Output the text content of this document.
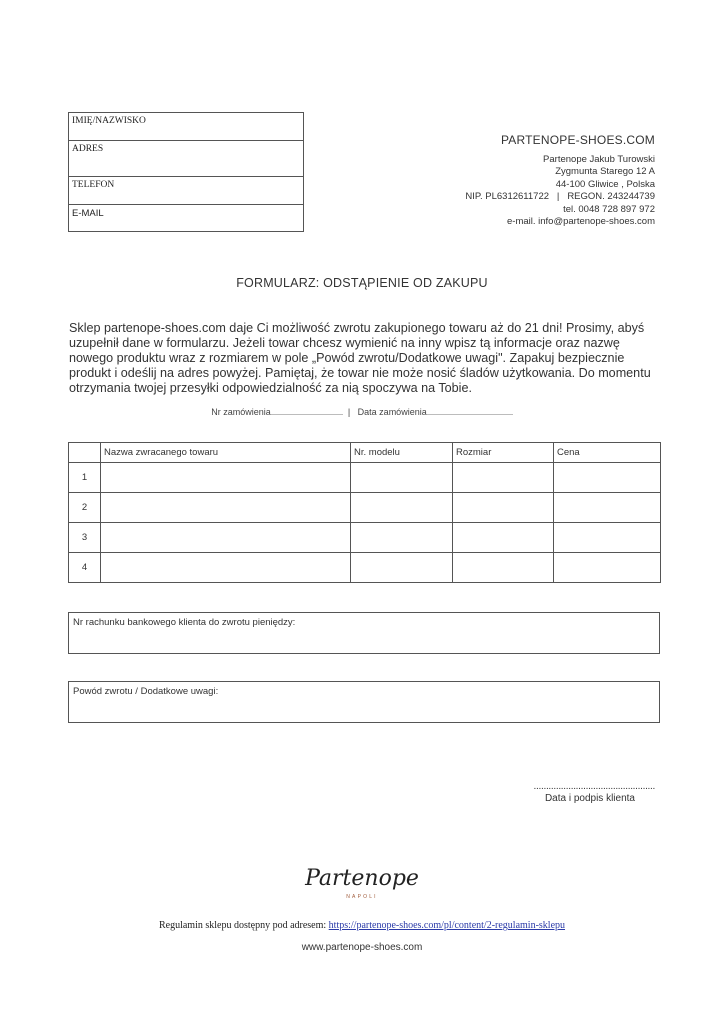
IMIĘ/NAZWISKO
ADRES
TELEFON
E-MAIL
PARTENOPE-SHOES.COM
Partenope Jakub Turowski
Zygmunta Starego 12 A
44-100 Gliwice , Polska
NIP. PL6312611722   |   REGON. 243244739
tel. 0048 728 897 972
e-mail. info@partenope-shoes.com
FORMULARZ: ODSTĄPIENIE OD ZAKUPU
Sklep partenope-shoes.com daje Ci możliwość zwrotu zakupionego towaru aż do 21 dni! Prosimy, abyś uzupełnił dane w formularzu. Jeżeli towar chcesz wymienić na inny wpisz tą informacje oraz nazwę nowego produktu wraz z rozmiarem w pole „Powód zwrotu/Dodatkowe uwagi". Zapakuj bezpiecznie produkt i odeślij na adres powyżej. Pamiętaj, że towar nie może nosić śladów użytkowania. Do momentu otrzymania twojej przesyłki odpowiedzialność za nią spoczywa na Tobie.
Nr zamówienia.................................... | Data zamówienia...........................................
	Nazwa zwracanego towaru	Nr. modelu	Rozmiar	Cena
1				
2				
3				
4				
Nr rachunku bankowego klienta do zwrotu pieniędzy:
Powód zwrotu / Dodatkowe uwagi:
.................................................
Data i podpis klienta
Partenope
NAPOLI
Regulamin sklepu dostępny pod adresem: https://partenope-shoes.com/pl/content/2-regulamin-sklepu
www.partenope-shoes.com
